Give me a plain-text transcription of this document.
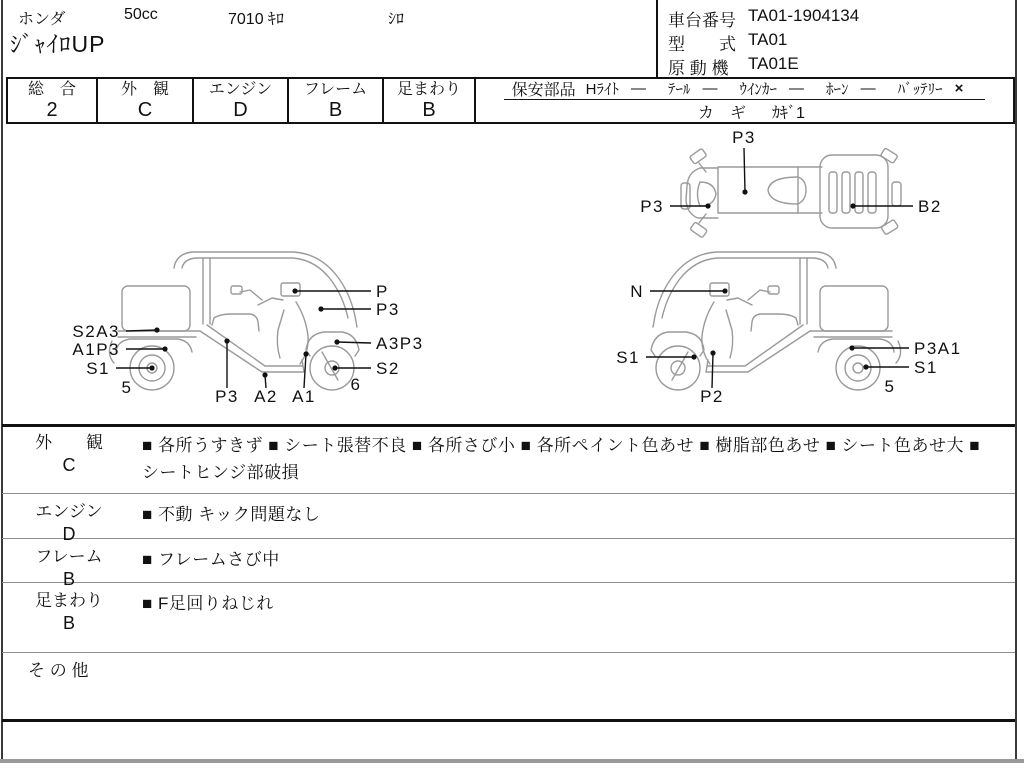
ホンダ	50cc	7010 ｷﾛ	ｼﾛ
ｼﾞｬｲﾛUP
車台番号 TA01-1904134
型　　式 TA01
原 動 機 TA01E
総　合
2
外　観
C
エンジン
D
フレーム
B
足まわり
B
保安部品 Hﾗｲﾄ — ﾃｰﾙ — ｳｲﾝｶｰ — ﾎｰﾝ — ﾊﾞｯﾃﾘｰ ×
カ　ギ ｶｷﾞ1
S2A3
A1P3
S1
5	P3 A2 A1
6
P
P3
A3P3
S2
N
S1
P2
P3A1
S1
5
P3
P3	B2
外　　観
C
■ 各所うすきず ■ シート張替不良 ■ 各所さび小 ■ 各所ペイント色あせ ■ 樹脂部色あせ ■ シート色あせ大 ■ シートヒンジ部破損
エンジン
D
■ 不動 キック問題なし
フレーム
B
■ フレームさび中
足まわり
B
■ F足回りねじれ
そ の 他
